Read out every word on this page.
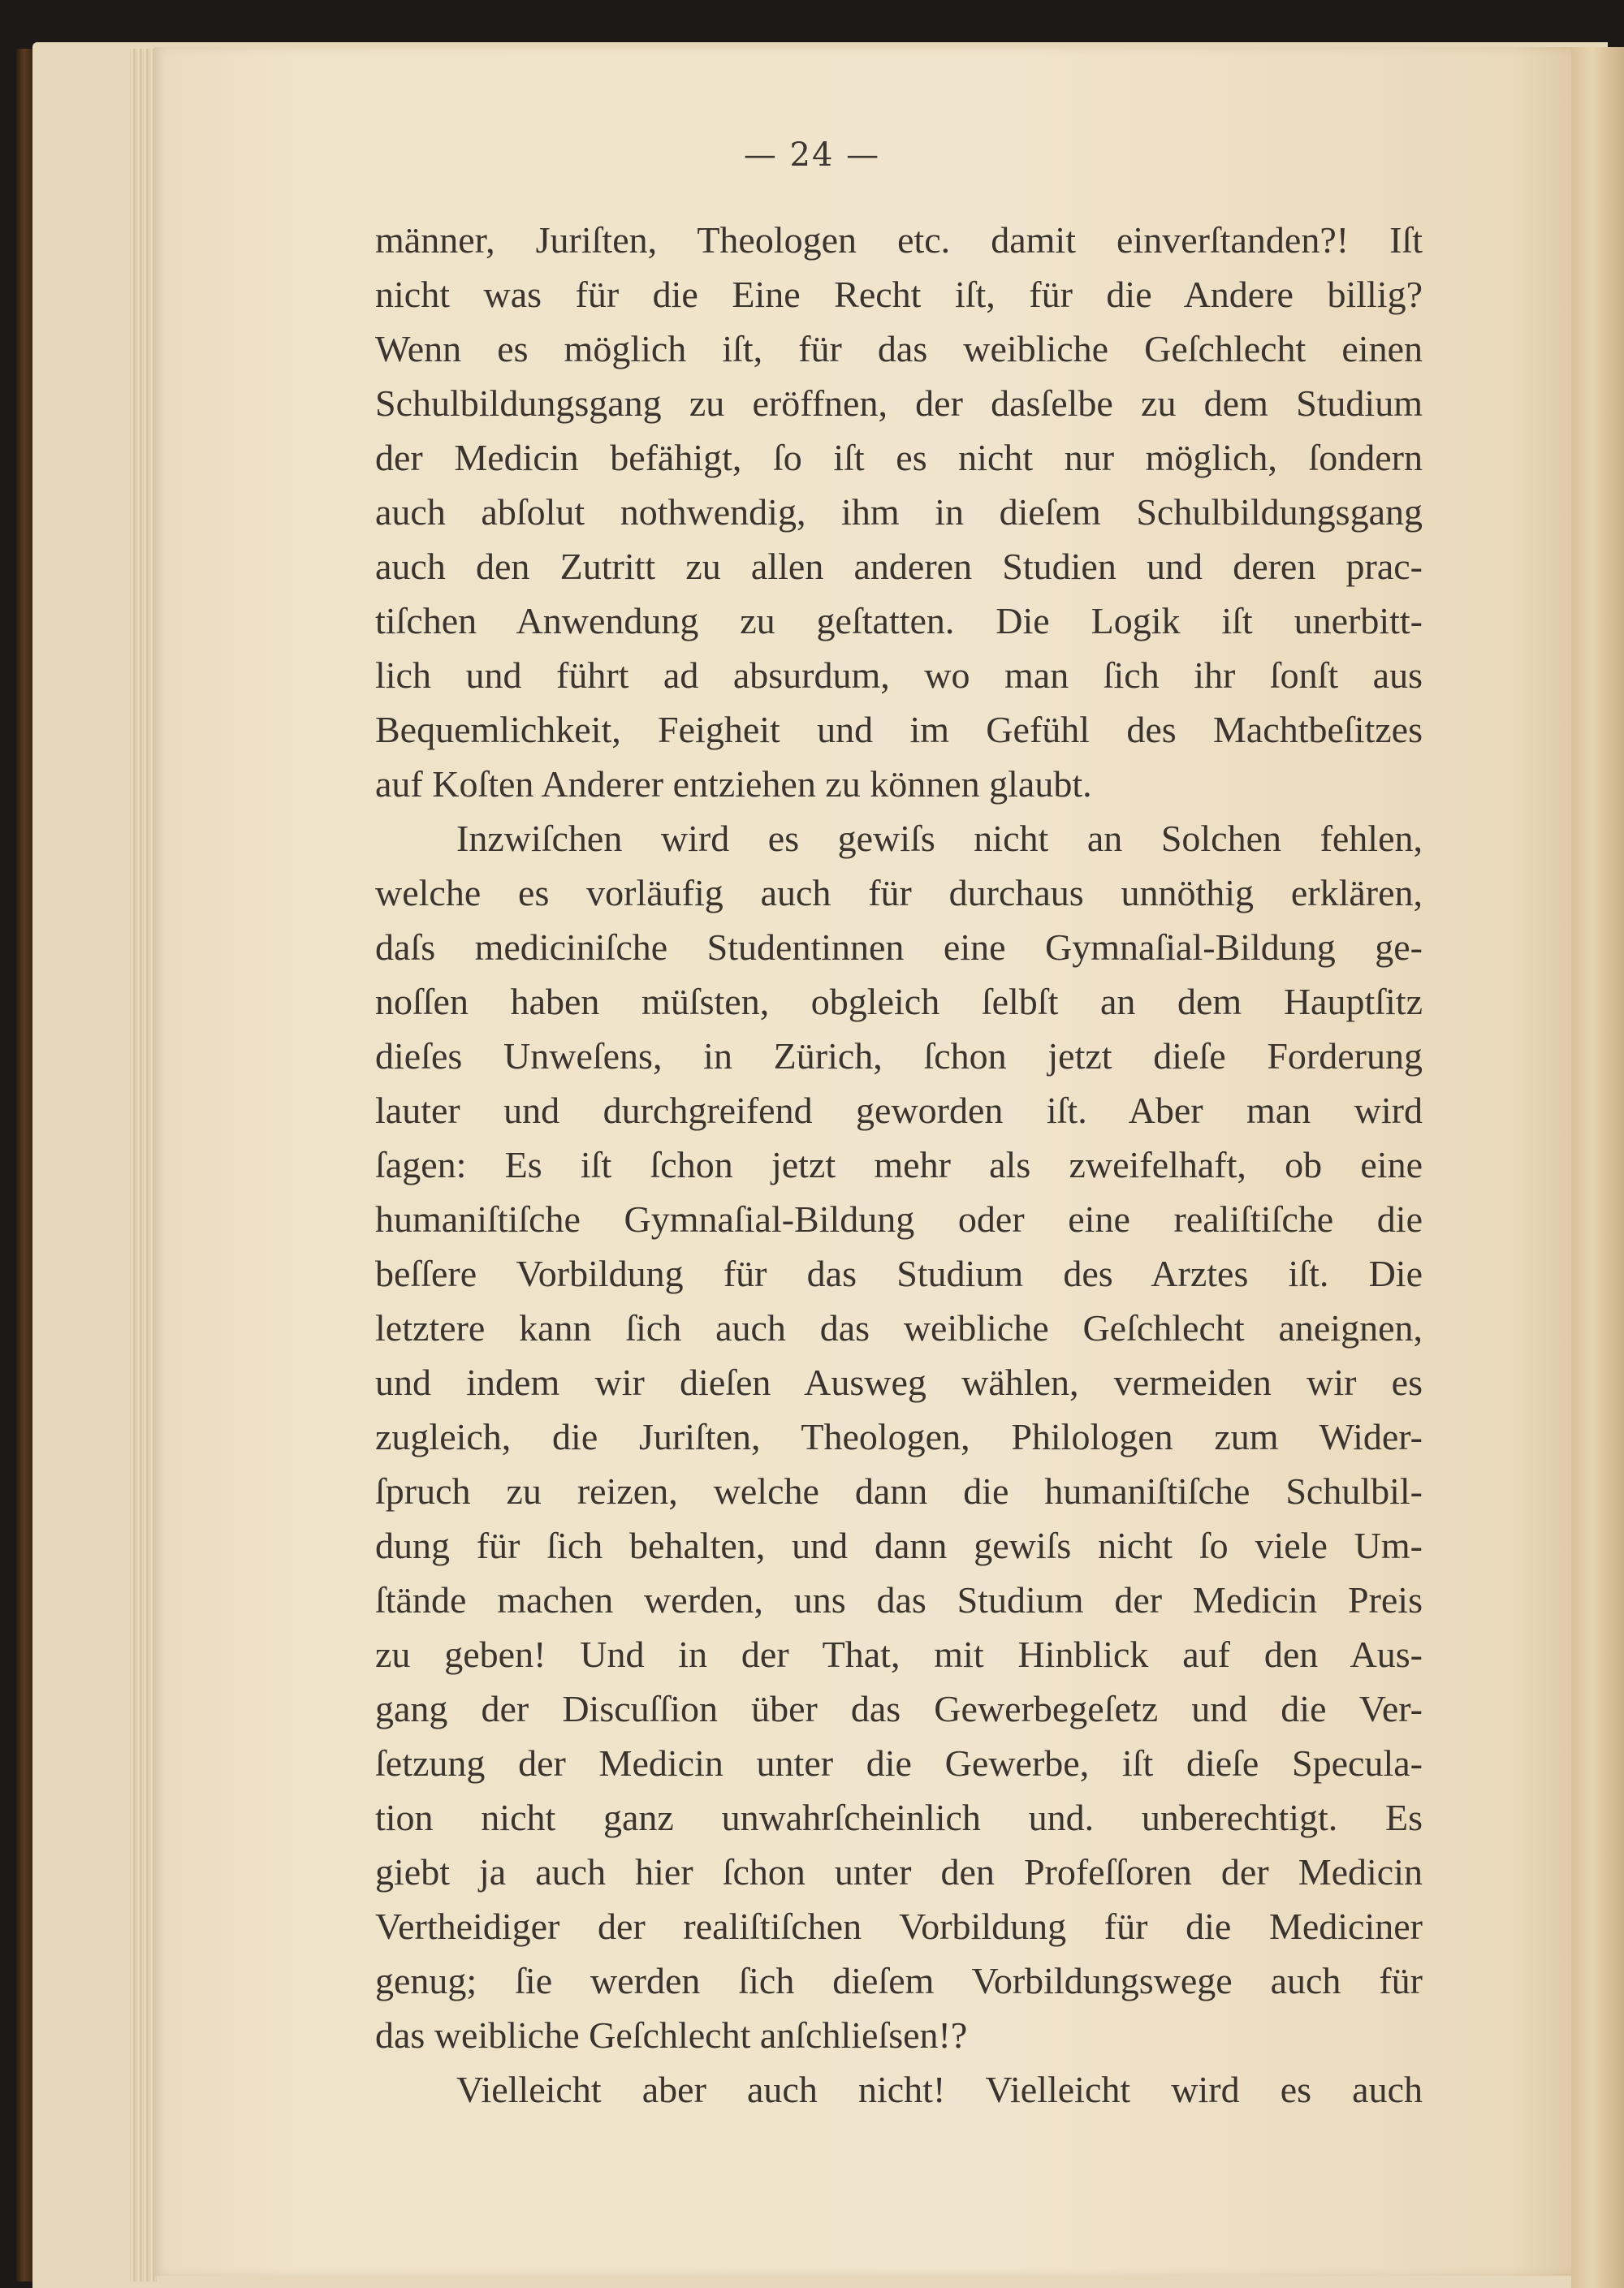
— 24 —
männer, Juriſten, Theologen etc. damit einverſtanden?! Iſt
nicht was für die Eine Recht iſt, für die Andere billig?
Wenn es möglich iſt, für das weibliche Geſchlecht einen
Schulbildungsgang zu eröffnen, der dasſelbe zu dem Studium
der Medicin befähigt, ſo iſt es nicht nur möglich, ſondern
auch abſolut nothwendig, ihm in dieſem Schulbildungsgang
auch den Zutritt zu allen anderen Studien und deren prac-
tiſchen Anwendung zu geſtatten. Die Logik iſt unerbitt-
lich und führt ad absurdum, wo man ſich ihr ſonſt aus
Bequemlichkeit, Feigheit und im Gefühl des Machtbeſitzes
auf Koſten Anderer entziehen zu können glaubt.
Inzwiſchen wird es gewiſs nicht an Solchen fehlen,
welche es vorläufig auch für durchaus unnöthig erklären,
daſs mediciniſche Studentinnen eine Gymnaſial-Bildung ge-
noſſen haben müſsten, obgleich ſelbſt an dem Hauptſitz
dieſes Unweſens, in Zürich, ſchon jetzt dieſe Forderung
lauter und durchgreifend geworden iſt. Aber man wird
ſagen: Es iſt ſchon jetzt mehr als zweifelhaft, ob eine
humaniſtiſche Gymnaſial-Bildung oder eine realiſtiſche die
beſſere Vorbildung für das Studium des Arztes iſt. Die
letztere kann ſich auch das weibliche Geſchlecht aneignen,
und indem wir dieſen Ausweg wählen, vermeiden wir es
zugleich, die Juriſten, Theologen, Philologen zum Wider-
ſpruch zu reizen, welche dann die humaniſtiſche Schulbil-
dung für ſich behalten, und dann gewiſs nicht ſo viele Um-
ſtände machen werden, uns das Studium der Medicin Preis
zu geben! Und in der That, mit Hinblick auf den Aus-
gang der Discuſſion über das Gewerbegeſetz und die Ver-
ſetzung der Medicin unter die Gewerbe, iſt dieſe Specula-
tion nicht ganz unwahrſcheinlich und. unberechtigt. Es
giebt ja auch hier ſchon unter den Profeſſoren der Medicin
Vertheidiger der realiſtiſchen Vorbildung für die Mediciner
genug; ſie werden ſich dieſem Vorbildungswege auch für
das weibliche Geſchlecht anſchlieſsen!?
Vielleicht aber auch nicht! Vielleicht wird es auch
